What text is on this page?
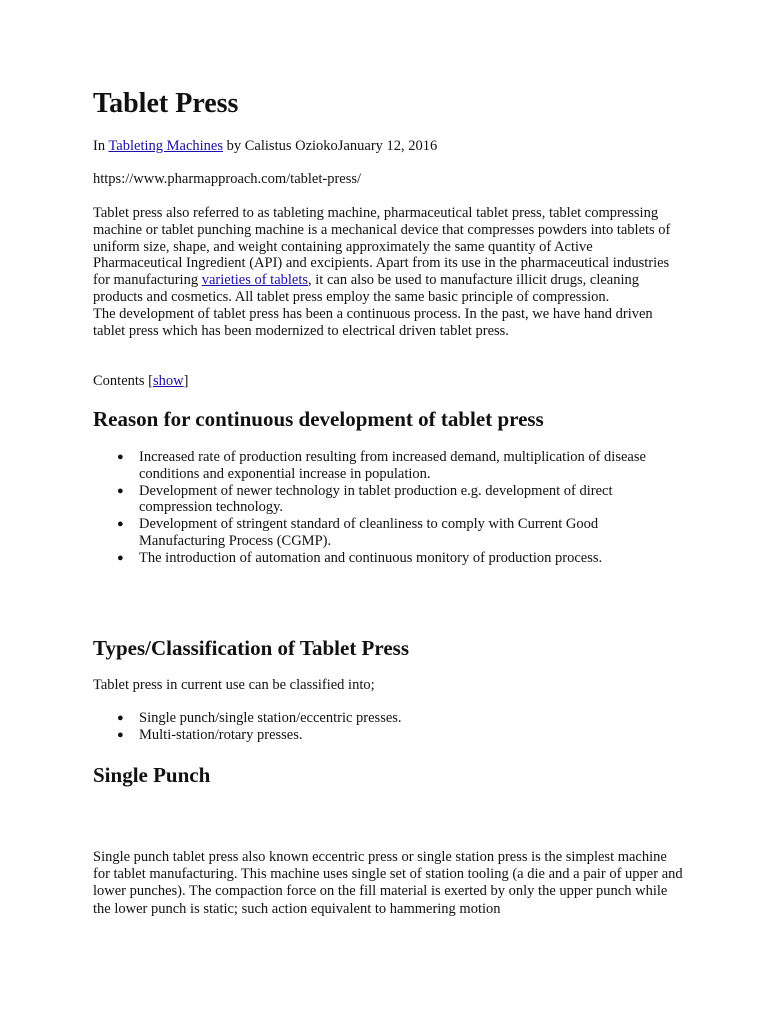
Tablet Press

In Tableting Machines by Calistus OziokoJanuary 12, 2016

https://www.pharmapproach.com/tablet-press/

Tablet press also referred to as tableting machine, pharmaceutical tablet press, tablet compressing machine or tablet punching machine is a mechanical device that compresses powders into tablets of uniform size, shape, and weight containing approximately the same quantity of Active Pharmaceutical Ingredient (API) and excipients. Apart from its use in the pharmaceutical industries for manufacturing varieties of tablets, it can also be used to manufacture illicit drugs, cleaning products and cosmetics. All tablet press employ the same basic principle of compression.

The development of tablet press has been a continuous process. In the past, we have hand driven tablet press which has been modernized to electrical driven tablet press.

Contents [show]

Reason for continuous development of tablet press
● Increased rate of production resulting from increased demand, multiplication of disease conditions and exponential increase in population.
● Development of newer technology in tablet production e.g. development of direct compression technology.
● Development of stringent standard of cleanliness to comply with Current Good Manufacturing Process (CGMP).
● The introduction of automation and continuous monitory of production process.
Types/Classification of Tablet Press

Tablet press in current use can be classified into;

● Single punch/single station/eccentric presses.
● Multi-station/rotary presses.
Single Punch

Single punch tablet press also known eccentric press or single station press is the simplest machine for tablet manufacturing. This machine uses single set of station tooling (a die and a pair of upper and lower punches). The compaction force on the fill material is exerted by only the upper punch while the lower punch is static; such action equivalent to hammering motion
